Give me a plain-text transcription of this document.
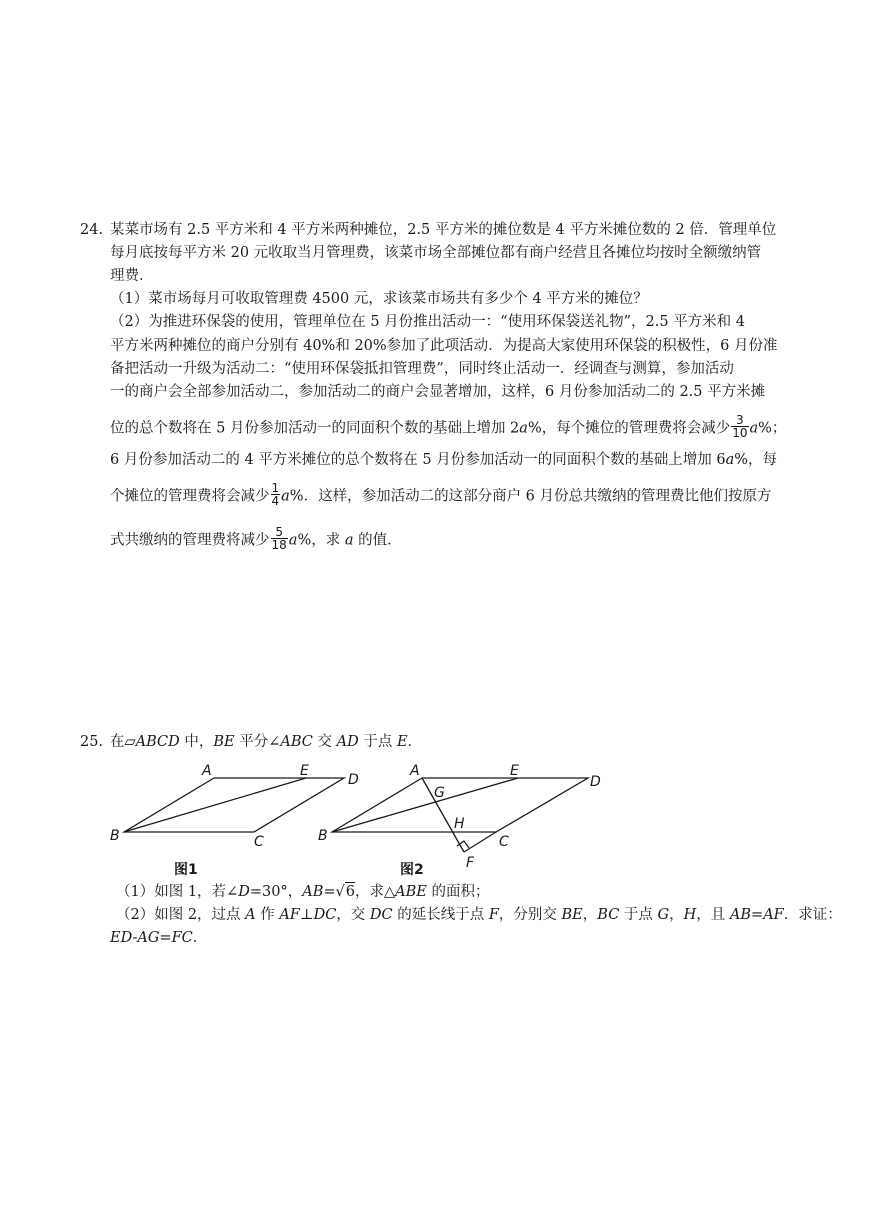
24. 某菜市场有 2.5 平方米和 4 平方米两种摊位，2.5 平方米的摊位数是 4 平方米摊位数的 2 倍．管理单位
每月底按每平方米 20 元收取当月管理费，该菜市场全部摊位都有商户经营且各摊位均按时全额缴纳管
理费．
（1）菜市场每月可收取管理费 4500 元，求该菜市场共有多少个 4 平方米的摊位？
（2）为推进环保袋的使用，管理单位在 5 月份推出活动一：“使用环保袋送礼物”，2.5 平方米和 4
平方米两种摊位的商户分别有 40%和 20%参加了此项活动．为提高大家使用环保袋的积极性，6 月份准
备把活动一升级为活动二：“使用环保袋抵扣管理费”，同时终止活动一．经调查与测算，参加活动
一的商户会全部参加活动二，参加活动二的商户会显著增加，这样，6 月份参加活动二的 2.5 平方米摊
位的总个数将在 5 月份参加活动一的同面积个数的基础上增加 2a%，每个摊位的管理费将会减少 $\frac{3}{10} a\%$；
6 月份参加活动二的 4 平方米摊位的总个数将在 5 月份参加活动一的同面积个数的基础上增加 6a%，每
个摊位的管理费将会减少 $\frac{1}{4} a\%$．这样，参加活动二的这部分商户 6 月份总共缴纳的管理费比他们按原方
式共缴纳的管理费将减少 $\frac{5}{18} a\%$，求 a 的值．
25. 在▱ABCD 中，BE 平分∠ABC 交 AD 于点 E．
A	E
D
B	C
图1
A	E
D
G
H
B	C
F
图2
（1）如图 1，若∠D=30°，AB=√6，求△ABE 的面积；
（2）如图 2，过点 A 作 AF⊥DC，交 DC 的延长线于点 F，分别交 BE，BC 于点 G，H，且 AB=AF．求证：
ED-AG=FC．
